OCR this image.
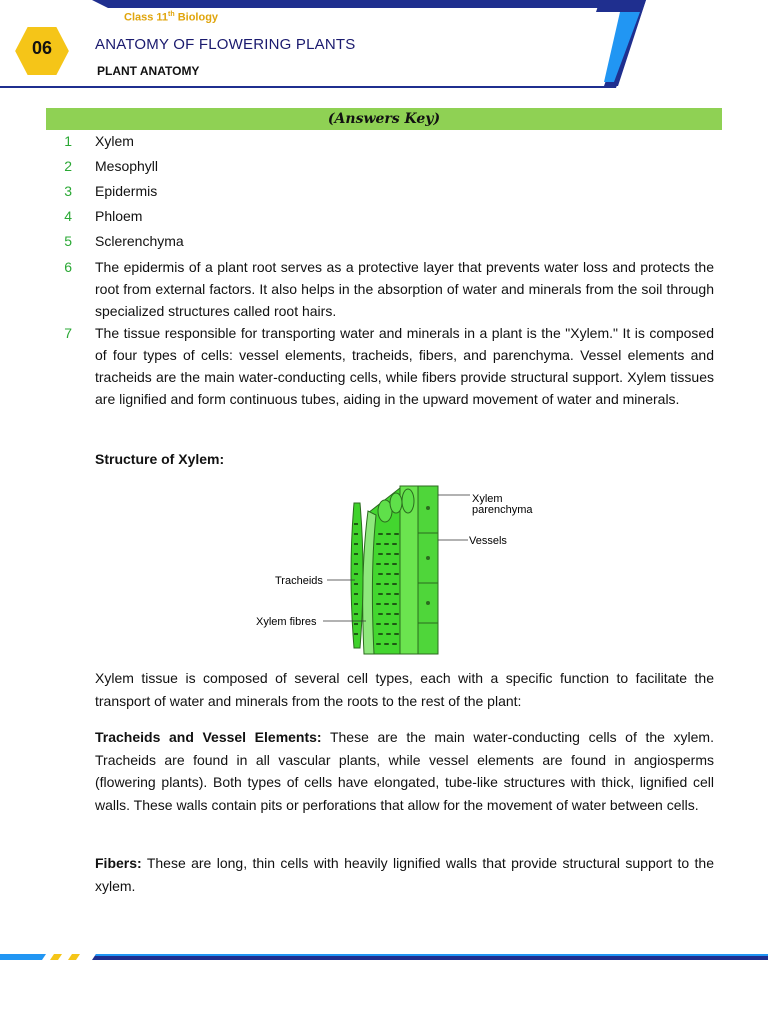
06
Class 11th Biology
ANATOMY OF FLOWERING PLANTS
PLANT ANATOMY
(Answers Key)
1 Xylem
2 Mesophyll
3 Epidermis
4 Phloem
5 Sclerenchyma
6 The epidermis of a plant root serves as a protective layer that prevents water loss and protects the root from external factors. It also helps in the absorption of water and minerals from the soil through specialized structures called root hairs.
7 The tissue responsible for transporting water and minerals in a plant is the "Xylem." It is composed of four types of cells: vessel elements, tracheids, fibers, and parenchyma. Vessel elements and tracheids are the main water-conducting cells, while fibers provide structural support. Xylem tissues are lignified and form continuous tubes, aiding in the upward movement of water and minerals.
Structure of Xylem:
Xylem
parenchyma
Vessels
Tracheids
Xylem fibres
Xylem tissue is composed of several cell types, each with a specific function to facilitate the transport of water and minerals from the roots to the rest of the plant:
Tracheids and Vessel Elements: These are the main water-conducting cells of the xylem. Tracheids are found in all vascular plants, while vessel elements are found in angiosperms (flowering plants). Both types of cells have elongated, tube-like structures with thick, lignified cell walls. These walls contain pits or perforations that allow for the movement of water between cells.
Fibers: These are long, thin cells with heavily lignified walls that provide structural support to the xylem.
